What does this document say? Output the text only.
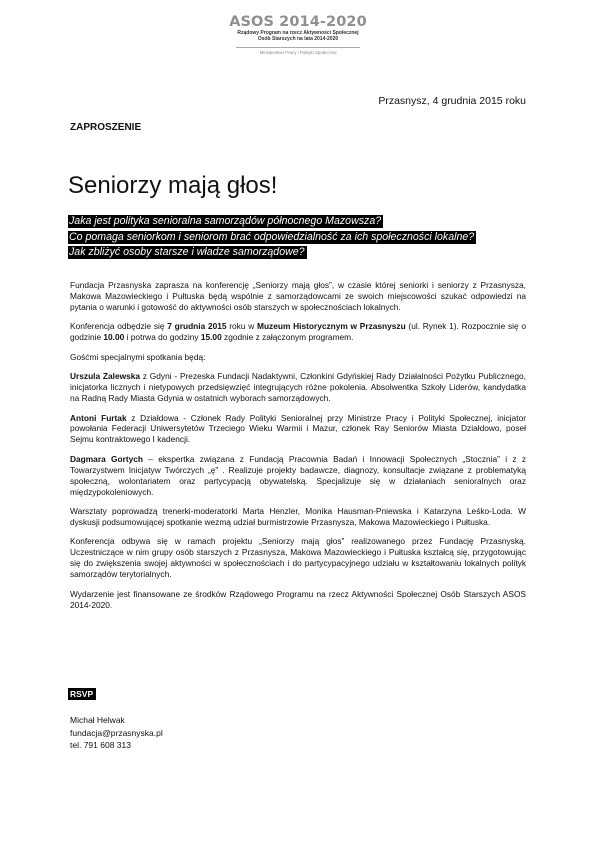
ASOS 2014-2020
Rządowy Program na rzecz Aktywności Społecznej
Osób Starszych na lata 2014-2020
Ministerstwo Pracy i Polityki Społecznej
Przasnysz, 4 grudnia 2015 roku
ZAPROSZENIE
Seniorzy mają głos!
Jaka jest polityka senioralna samorządów północnego Mazowsza?
Co pomaga seniorkom i seniorom brać odpowiedzialność za ich społeczności lokalne?
Jak zbliżyć osoby starsze i władze samorządowe?

Fundacja Przasnyska zaprasza na konferencję „Seniorzy mają głos”, w czasie której seniorki i seniorzy z Przasnysza, Makowa Mazowieckiego i Pułtuska będą wspólnie z samorządowcami ze swoich miejscowości szukać odpowiedzi na pytania o warunki i gotowość do aktywności osób starszych w społecznościach lokalnych.

Konferencja odbędzie się 7 grudnia 2015 roku w Muzeum Historycznym w Przasnyszu (ul. Rynek 1). Rozpocznie się o godzinie 10.00 i potrwa do godziny 15.00 zgodnie z załączonym programem.

Gośćmi specjalnymi spotkania będą:

Urszula Zalewska z Gdyni - Prezeska Fundacji Nadaktywni, Członkini Gdyńskiej Rady Działalności Pożytku Publicznego, inicjatorka licznych i nietypowych przedsięwzięć integrujących różne pokolenia. Absolwentka Szkoły Liderów, kandydatka na Radną Rady Miasta Gdynia w ostatnich wyborach samorządowych.

Antoni Furtak z Działdowa - Członek Rady Polityki Senioralnej przy Ministrze Pracy i Polityki Społecznej, inicjator powołania Federacji Uniwersytetów Trzeciego Wieku Warmii i Mazur, członek Ray Seniorów Miasta Działdowo, poseł Sejmu kontraktowego I kadencji.

Dagmara Gortych – ekspertka związana z Fundacją Pracownia Badań i Innowacji Społecznych „Stocznia” i z z Towarzystwem Inicjatyw Twórczych „ę” . Realizuje projekty badawcze, diagnozy, konsultacje związane z problematyką społeczną, wolontariatem oraz partycypacją obywatelską. Specjalizuje się w działaniach senioralnych oraz międzypokoleniowych.

Warsztaty poprowadzą trenerki-moderatorki Marta Henzler, Monika Hausman-Pniewska i Katarzyna Leśko-Loda. W dyskusji podsumowującej spotkanie wezmą udział burmistrzowie Przasnysza, Makowa Mazowieckiego i Pułtuska.

Konferencja odbywa się w ramach projektu „Seniorzy mają głos” realizowanego przez Fundację Przasnyską. Uczestniczące w nim grupy osób starszych z Przasnysza, Makowa Mazowieckiego i Pułtuska kształcą się, przygotowując się do zwiększenia swojej aktywności w społecznościach i do partycypacyjnego udziału w kształtowaniu lokalnych polityk samorządów terytorialnych.

Wydarzenie jest finansowane ze środków Rządowego Programu na rzecz Aktywności Społecznej Osób Starszych ASOS 2014-2020.

RSVP
Michał Helwak
fundacja@przasnyska.pl
tel. 791 608 313
